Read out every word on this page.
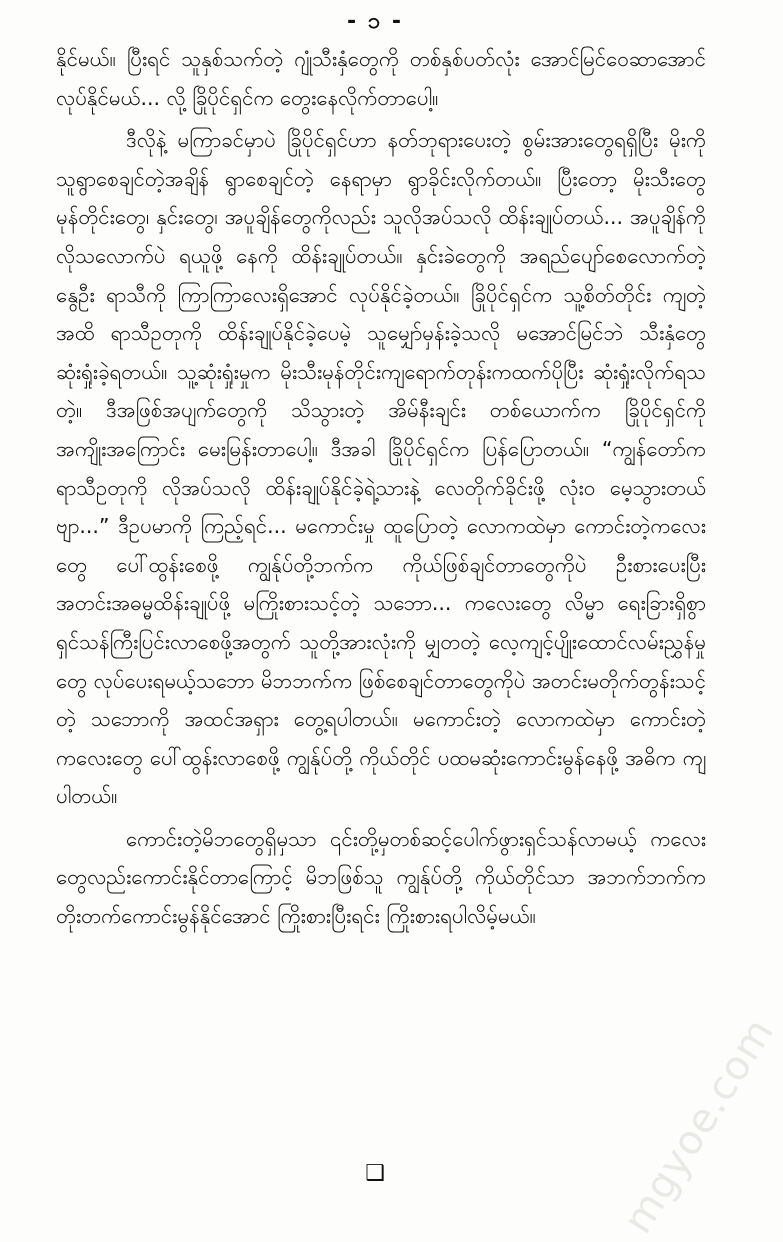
- ၁ -

နိုင်မယ်။ ပြီးရင် သူနှစ်သက်တဲ့ ဂျုံသီးနှံတွေကို တစ်နှစ်ပတ်လုံး အောင်မြင်ဝေဆာအောင် လုပ်နိုင်မယ်... လို့ ခြိုပိုင်ရှင်က တွေးနေလိုက်တာပေါ့။

ဒီလိုနဲ့ မကြာခင်မှာပဲ ခြိုပိုင်ရှင်ဟာ နတ်ဘုရားပေးတဲ့ စွမ်းအားတွေရရှိပြီး မိုးကို သူရွာစေချင်တဲ့အချိန် ရွာစေချင်တဲ့ နေရာမှာ ရွာခိုင်းလိုက်တယ်။ ပြီးတော့ မိုးသီးတွေ မုန်တိုင်းတွေ၊ နှင်းတွေ၊ အပူချိန်တွေကိုလည်း သူလိုအပ်သလို ထိန်းချုပ်တယ်... အပူချိန်ကို လိုသလောက်ပဲ ရယူဖို့ နေကို ထိန်းချုပ်တယ်။ နှင်းခဲတွေကို အရည်ပျော်စေလောက်တဲ့ နွေဦး ရာသီကို ကြာကြာလေးရှိအောင် လုပ်နိုင်ခဲ့တယ်။ ခြိုပိုင်ရှင်က သူ့စိတ်တိုင်း ကျတဲ့အထိ ရာသီဥတုကို ထိန်းချုပ်နိုင်ခဲ့ပေမဲ့ သူမျှော်မှန်းခဲ့သလို မအောင်မြင်ဘဲ သီးနှံတွေ ဆုံးရှုံးခဲ့ရတယ်။ သူ့ဆုံးရှုံးမှုက မိုးသီးမုန်တိုင်းကျရောက်တုန်းကထက်ပိုပြီး ဆုံးရှုံးလိုက်ရသတဲ့။ ဒီအဖြစ်အပျက်တွေကို သိသွားတဲ့ အိမ်နီးချင်း တစ်ယောက်က ခြိုပိုင်ရှင်ကို အကျိုးအကြောင်း မေးမြန်းတာပေါ့။ ဒီအခါ ခြိုပိုင်ရှင်က ပြန်ပြောတယ်။ “ကျွန်တော်က ရာသီဥတုကို လိုအပ်သလို ထိန်းချုပ်နိုင်ခဲ့ရဲ့သားနဲ့ လေတိုက်ခိုင်းဖို့ လုံးဝ မေ့သွားတယ်ဗျာ...” ဒီဥပမာကို ကြည့်ရင်... မကောင်းမှု ထူပြောတဲ့ လောကထဲမှာ ကောင်းတဲ့ကလေးတွေ ပေါ်ထွန်းစေဖို့ ကျွန်ုပ်တို့ဘက်က ကိုယ်ဖြစ်ချင်တာတွေကိုပဲ ဦးစားပေးပြီး အတင်းအဓမ္မထိန်းချုပ်ဖို့ မကြိုးစားသင့်တဲ့ သဘော... ကလေးတွေ လိမ္မာ ရေးခြားရှိစွာ ရှင်သန်ကြီးပြင်းလာစေဖို့အတွက် သူတို့အားလုံးကို မျှတတဲ့ လေ့ကျင့်ပျိုးထောင်လမ်းညွှန်မှုတွေ လုပ်ပေးရမယ့်သဘော မိဘဘက်က ဖြစ်စေချင်တာတွေကိုပဲ အတင်းမတိုက်တွန်းသင့်တဲ့ သဘောကို အထင်အရှား တွေ့ရပါတယ်။ မကောင်းတဲ့ လောကထဲမှာ ကောင်းတဲ့ကလေးတွေ ပေါ်ထွန်းလာစေဖို့ ကျွန်ုပ်တို့ ကိုယ်တိုင် ပထမဆုံးကောင်းမွန်နေဖို့ အဓိက ကျပါတယ်။

ကောင်းတဲ့မိဘတွေရှိမှသာ ၎င်းတို့မှတစ်ဆင့်ပေါက်ဖွားရှင်သန်လာမယ့် ကလေးတွေလည်းကောင်းနိုင်တာကြောင့် မိဘဖြစ်သူ ကျွန်ုပ်တို့ ကိုယ်တိုင်သာ အဘက်ဘက်က တိုးတက်ကောင်းမွန်နိုင်အောင် ကြိုးစားပြီးရင်း ကြိုးစားရပါလိမ့်မယ်။

❑	mgyoe.com
